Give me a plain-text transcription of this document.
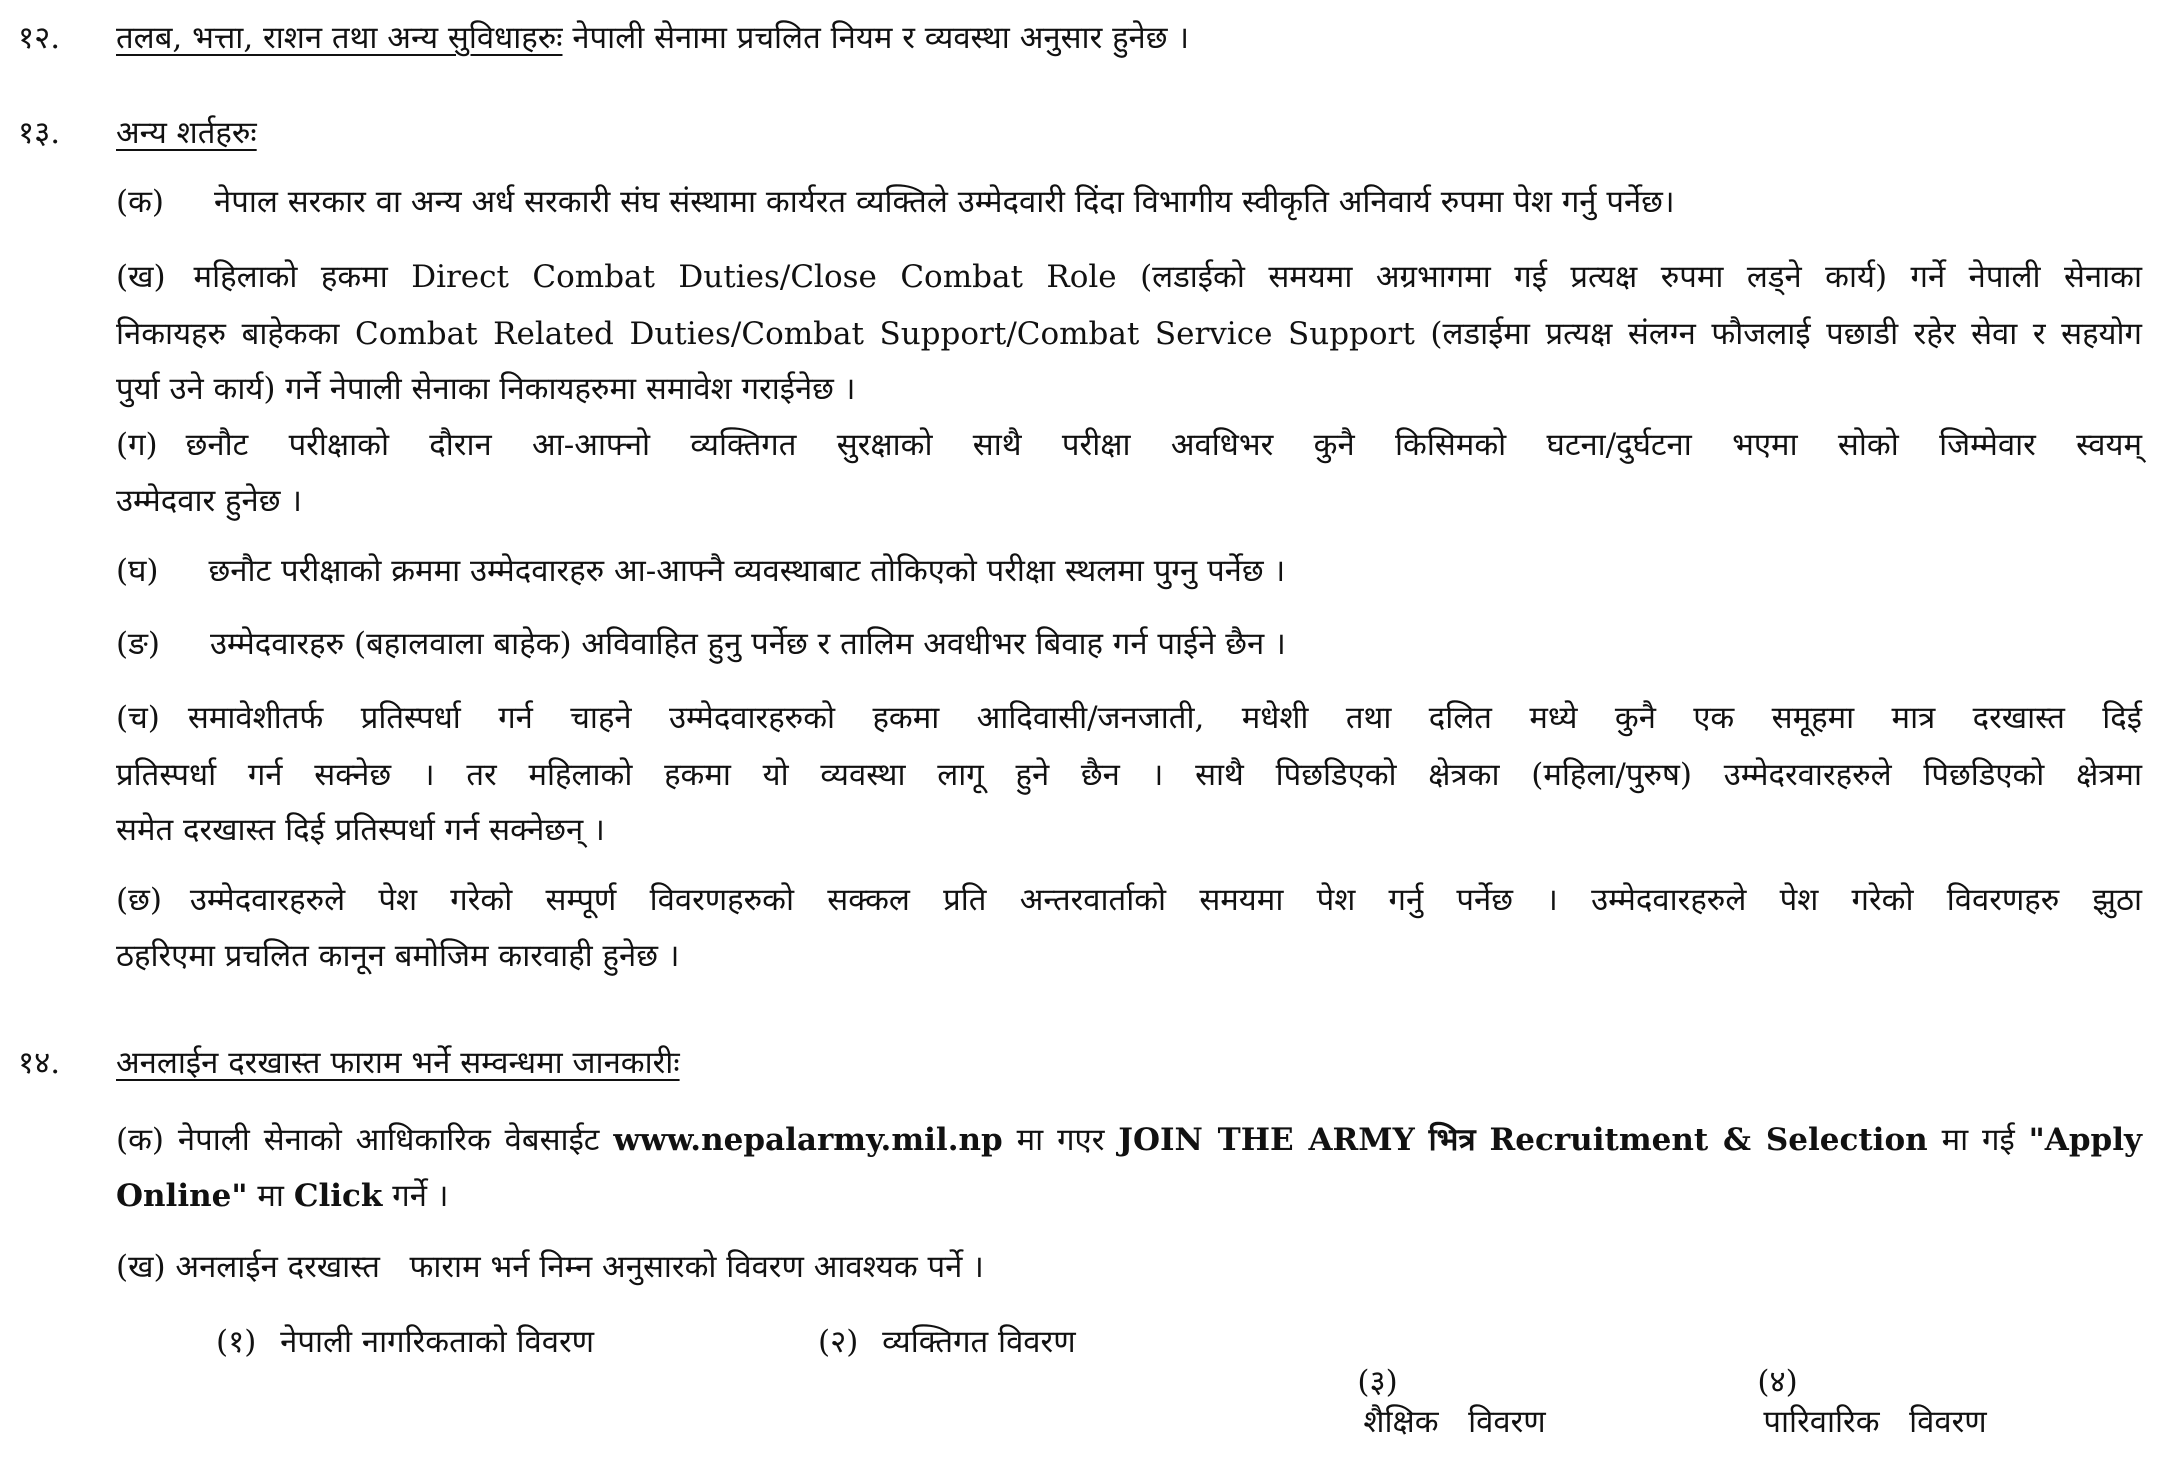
१२. तलब, भत्ता, राशन तथा अन्य सुविधाहरुः नेपाली सेनामा प्रचलित नियम र व्यवस्था अनुसार हुनेछ ।
१३. अन्य शर्तहरुः
(क) नेपाल सरकार वा अन्य अर्ध सरकारी संघ संस्थामा कार्यरत व्यक्तिले उम्मेदवारी दिंदा विभागीय स्वीकृति अनिवार्य रुपमा पेश गर्नु पर्नेछ।
(ख) महिलाको हकमा Direct Combat Duties/Close Combat Role (लडाईको समयमा अग्रभागमा गई प्रत्यक्ष रुपमा लड्ने कार्य) गर्ने नेपाली सेनाका
निकायहरु बाहेकका Combat Related Duties/Combat Support/Combat Service Support (लडाईमा प्रत्यक्ष संलग्न फौजलाई पछाडी रहेर सेवा र सहयोग
पुर्या उने कार्य) गर्ने नेपाली सेनाका निकायहरुमा समावेश गराईनेछ ।
(ग) छनौट परीक्षाको दौरान आ-आफ्नो व्यक्तिगत सुरक्षाको साथै परीक्षा अवधिभर कुनै किसिमको घटना/दुर्घटना भएमा सोको जिम्मेवार स्वयम्
उम्मेदवार हुनेछ ।
(घ) छनौट परीक्षाको क्रममा उम्मेदवारहरु आ-आफ्नै व्यवस्थाबाट तोकिएको परीक्षा स्थलमा पुग्नु पर्नेछ ।
(ङ) उम्मेदवारहरु (बहालवाला बाहेक) अविवाहित हुनु पर्नेछ र तालिम अवधीभर बिवाह गर्न पाईने छैन ।
(च) समावेशीतर्फ प्रतिस्पर्धा गर्न चाहने उम्मेदवारहरुको हकमा आदिवासी/जनजाती, मधेशी तथा दलित मध्ये कुनै एक समूहमा मात्र दरखास्त दिई
प्रतिस्पर्धा गर्न सक्नेछ । तर महिलाको हकमा यो व्यवस्था लागू हुने छैन । साथै पिछडिएको क्षेत्रका (महिला/पुरुष) उम्मेदरवारहरुले पिछडिएको क्षेत्रमा
समेत दरखास्त दिई प्रतिस्पर्धा गर्न सक्नेछन् ।
(छ) उम्मेदवारहरुले पेश गरेको सम्पूर्ण विवरणहरुको सक्कल प्रति अन्तरवार्ताको समयमा पेश गर्नु पर्नेछ । उम्मेदवारहरुले पेश गरेको विवरणहरु झुठा
ठहरिएमा प्रचलित कानून बमोजिम कारवाही हुनेछ ।
१४. अनलाईन दरखास्त फाराम भर्ने सम्वन्धमा जानकारीः
(क) नेपाली सेनाको आधिकारिक वेबसाईट www.nepalarmy.mil.np मा गएर JOIN THE ARMY भित्र Recruitment & Selection मा गई "Apply
Online" मा Click गर्ने ।
(ख) अनलाईन दरखास्त   फाराम भर्न निम्न अनुसारको विवरण आवश्यक पर्ने ।
(१) नेपाली नागरिकताको विवरण	(२) व्यक्तिगत विवरण

(३)
शैक्षिक   विवरण

(४)
पारिवारिक   विवरण
